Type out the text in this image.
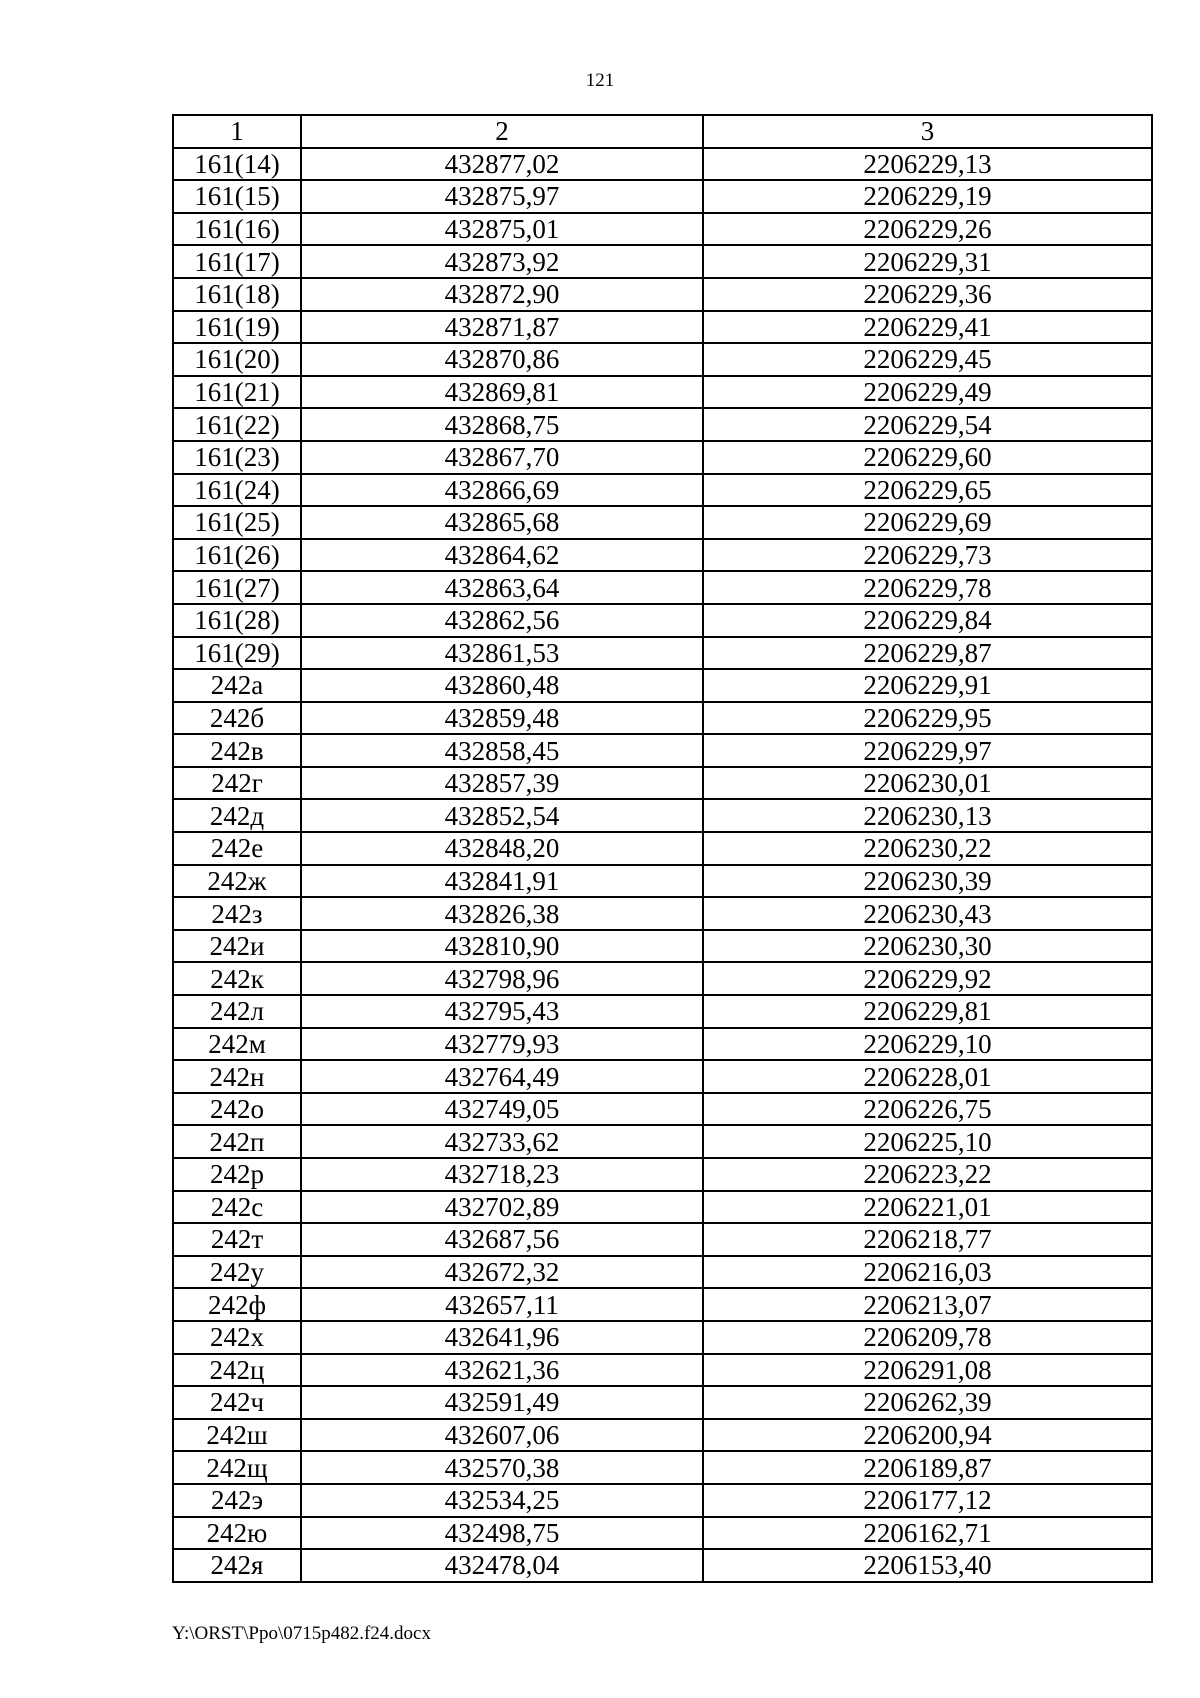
121
1	2	3
161(14)	432877,02	2206229,13
161(15)	432875,97	2206229,19
161(16)	432875,01	2206229,26
161(17)	432873,92	2206229,31
161(18)	432872,90	2206229,36
161(19)	432871,87	2206229,41
161(20)	432870,86	2206229,45
161(21)	432869,81	2206229,49
161(22)	432868,75	2206229,54
161(23)	432867,70	2206229,60
161(24)	432866,69	2206229,65
161(25)	432865,68	2206229,69
161(26)	432864,62	2206229,73
161(27)	432863,64	2206229,78
161(28)	432862,56	2206229,84
161(29)	432861,53	2206229,87
242а	432860,48	2206229,91
242б	432859,48	2206229,95
242в	432858,45	2206229,97
242г	432857,39	2206230,01
242д	432852,54	2206230,13
242е	432848,20	2206230,22
242ж	432841,91	2206230,39
242з	432826,38	2206230,43
242и	432810,90	2206230,30
242к	432798,96	2206229,92
242л	432795,43	2206229,81
242м	432779,93	2206229,10
242н	432764,49	2206228,01
242о	432749,05	2206226,75
242п	432733,62	2206225,10
242р	432718,23	2206223,22
242с	432702,89	2206221,01
242т	432687,56	2206218,77
242у	432672,32	2206216,03
242ф	432657,11	2206213,07
242х	432641,96	2206209,78
242ц	432621,36	2206291,08
242ч	432591,49	2206262,39
242ш	432607,06	2206200,94
242щ	432570,38	2206189,87
242э	432534,25	2206177,12
242ю	432498,75	2206162,71
242я	432478,04	2206153,40
Y:\ORST\Ppo\0715p482.f24.docx
